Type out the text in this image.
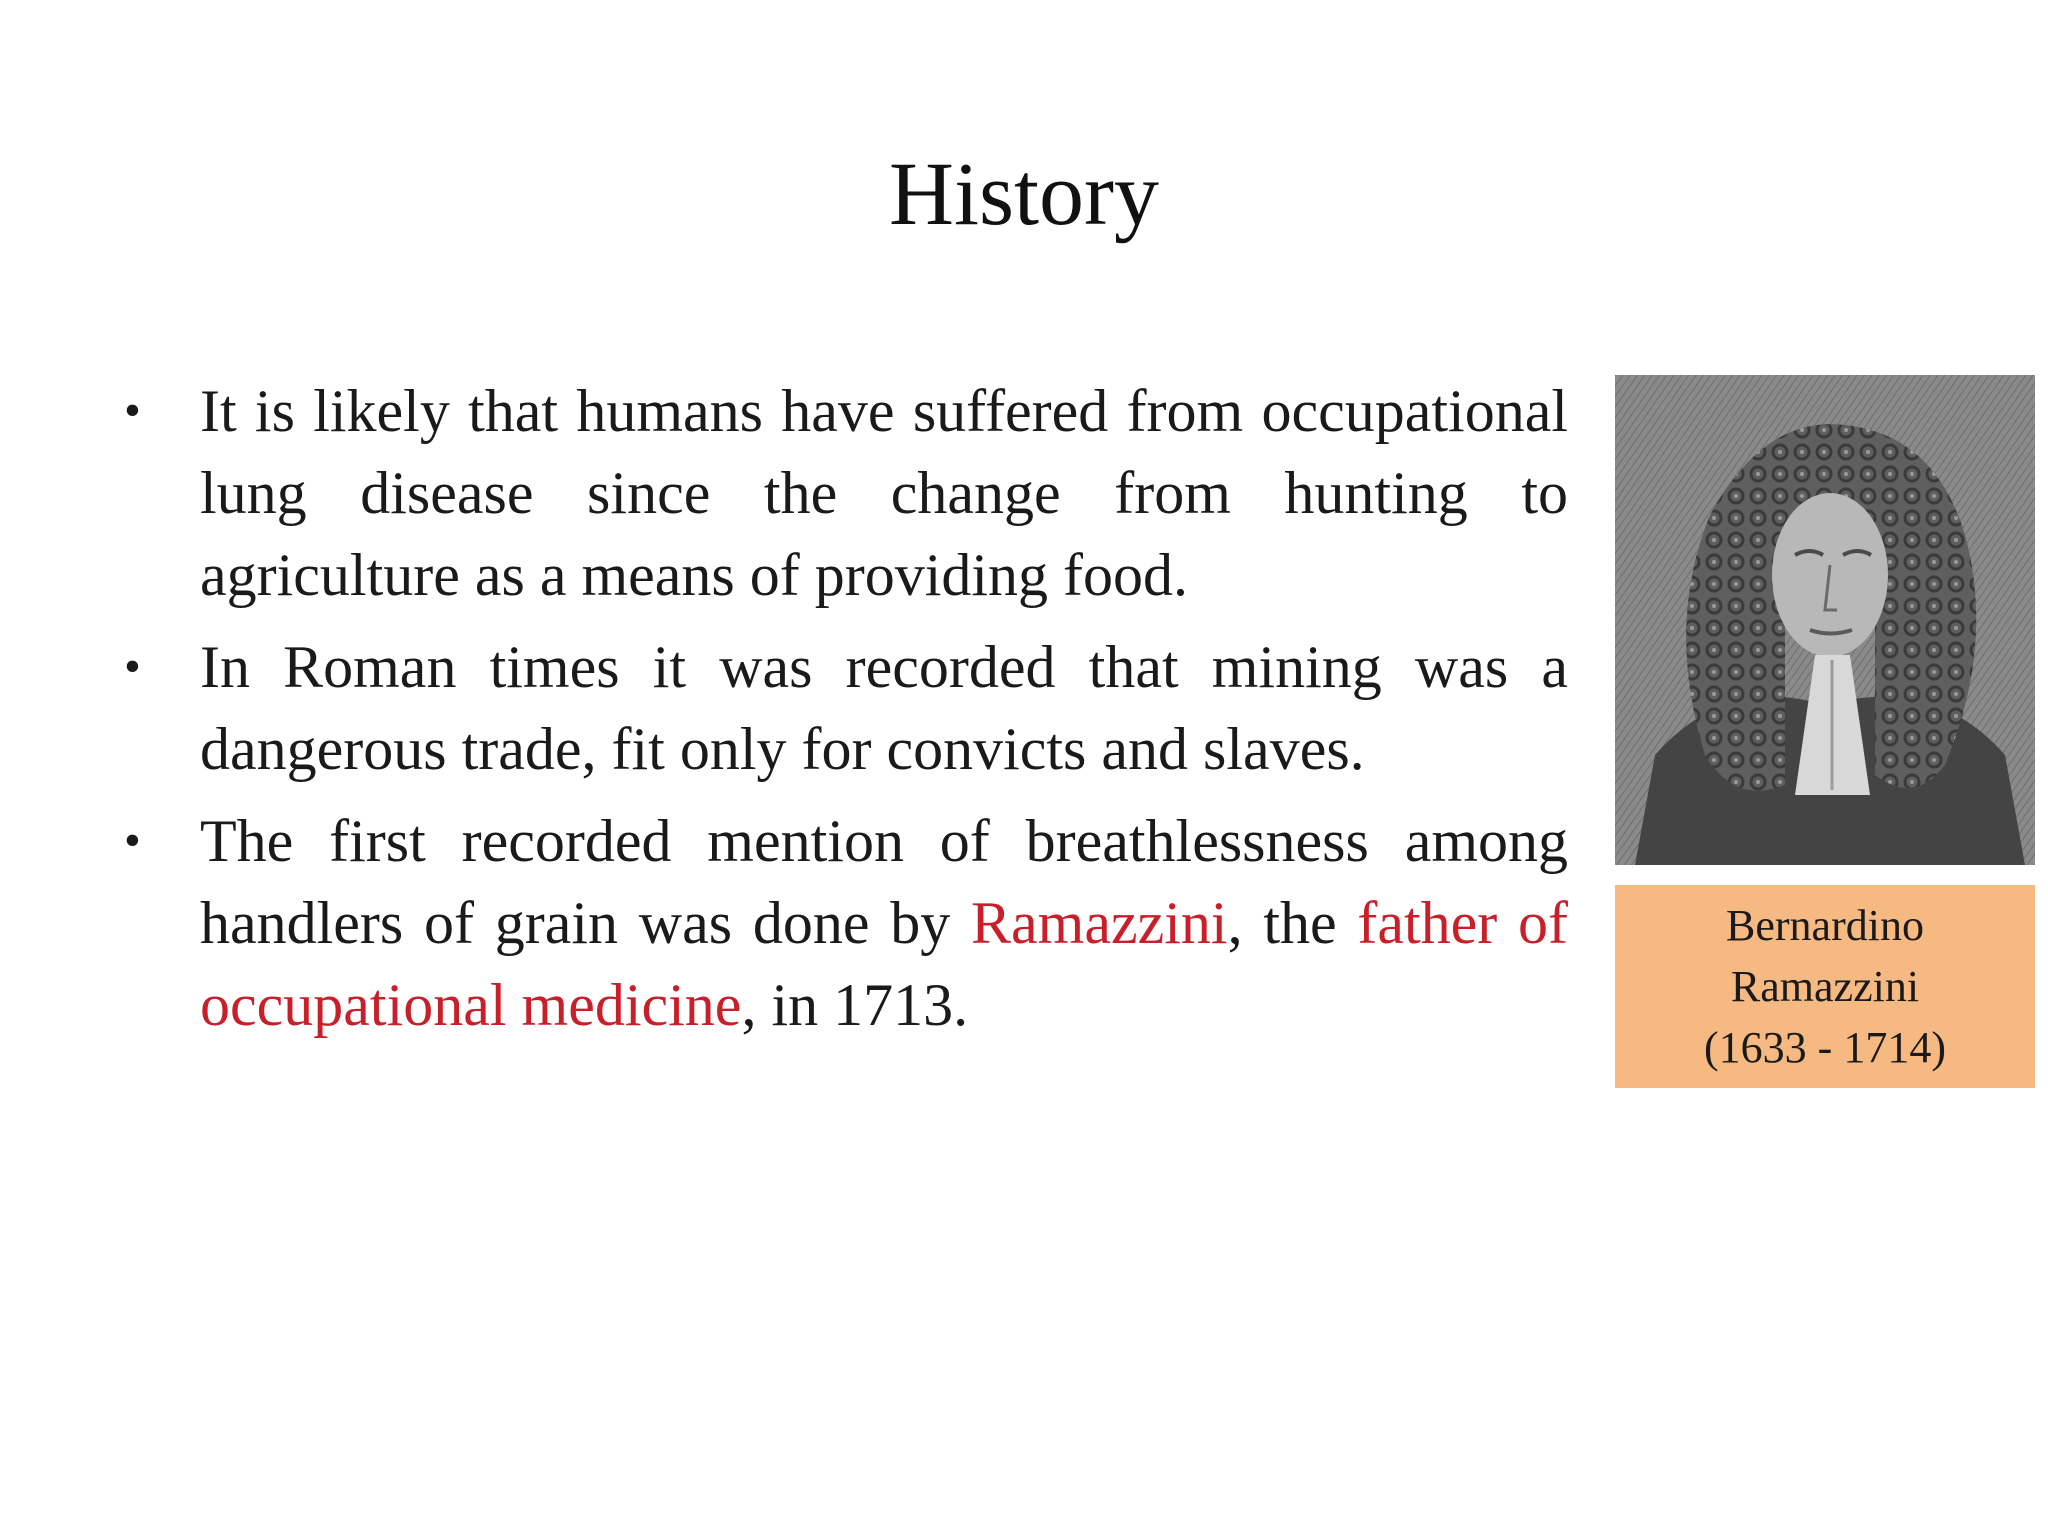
History
• It is likely that humans have suffered from occupational lung disease since the change from hunting to agriculture as a means of providing food.
• In Roman times it was recorded that mining was a dangerous trade, fit only for convicts and slaves.
• The first recorded mention of breathlessness among handlers of grain was done by Ramazzini, the father of occupational medicine, in 1713.
Bernardino
Ramazzini
(1633 - 1714)
